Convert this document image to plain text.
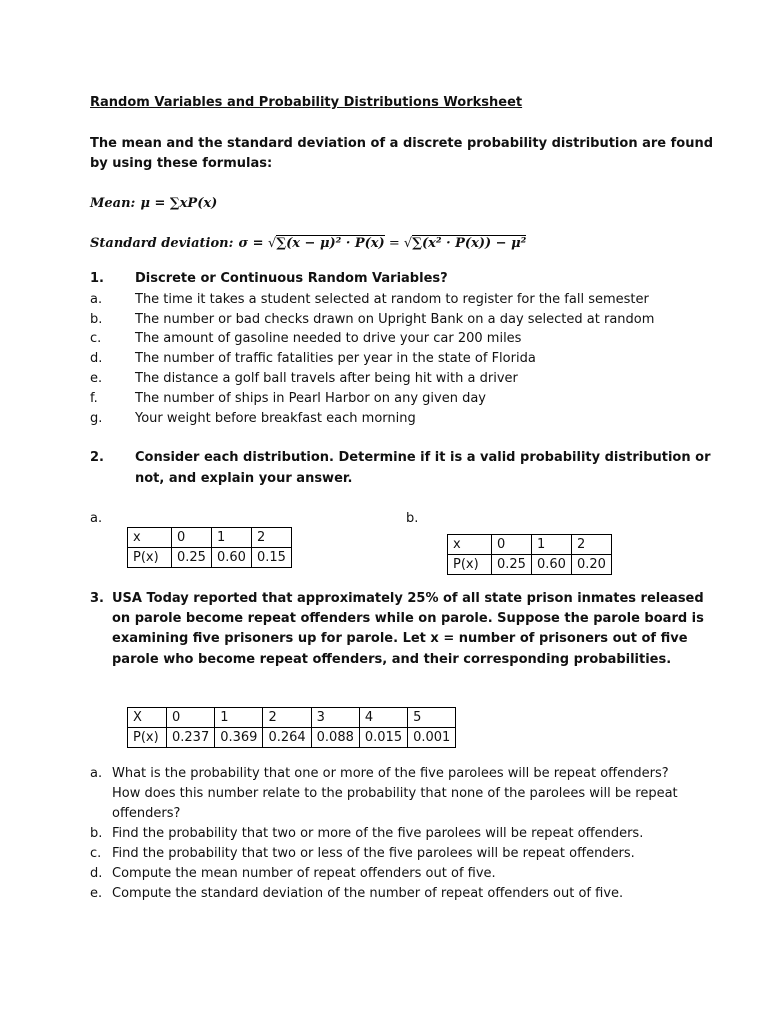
Random Variables and Probability Distributions Worksheet
The mean and the standard deviation of a discrete probability distribution are found
by using these formulas:
Mean: μ = ∑xP(x)
Standard deviation: σ = √∑(x − μ)² · P(x) = √∑(x² · P(x)) − μ²
1. Discrete or Continuous Random Variables?
a.	The time it takes a student selected at random to register for the fall semester
b.	The number or bad checks drawn on Upright Bank on a day selected at random
c.	The amount of gasoline needed to drive your car 200 miles
d.	The number of traffic fatalities per year in the state of Florida
e.	The distance a golf ball travels after being hit with a driver
f.	The number of ships in Pearl Harbor on any given day
g.	Your weight before breakfast each morning
2. Consider each distribution. Determine if it is a valid probability distribution or
not, and explain your answer.
a.
x	0	1	2
P(x)	0.25	0.60	0.15
b.
x	0	1	2
P(x)	0.25	0.60	0.20
3. USA Today reported that approximately 25% of all state prison inmates released
on parole become repeat offenders while on parole. Suppose the parole board is
examining five prisoners up for parole. Let x = number of prisoners out of five
parole who become repeat offenders, and their corresponding probabilities.
X	0	1	2	3	4	5
P(x)	0.237	0.369	0.264	0.088	0.015	0.001
a. What is the probability that one or more of the five parolees will be repeat offenders?
How does this number relate to the probability that none of the parolees will be repeat
offenders?
b. Find the probability that two or more of the five parolees will be repeat offenders.
c. Find the probability that two or less of the five parolees will be repeat offenders.
d. Compute the mean number of repeat offenders out of five.
e. Compute the standard deviation of the number of repeat offenders out of five.
